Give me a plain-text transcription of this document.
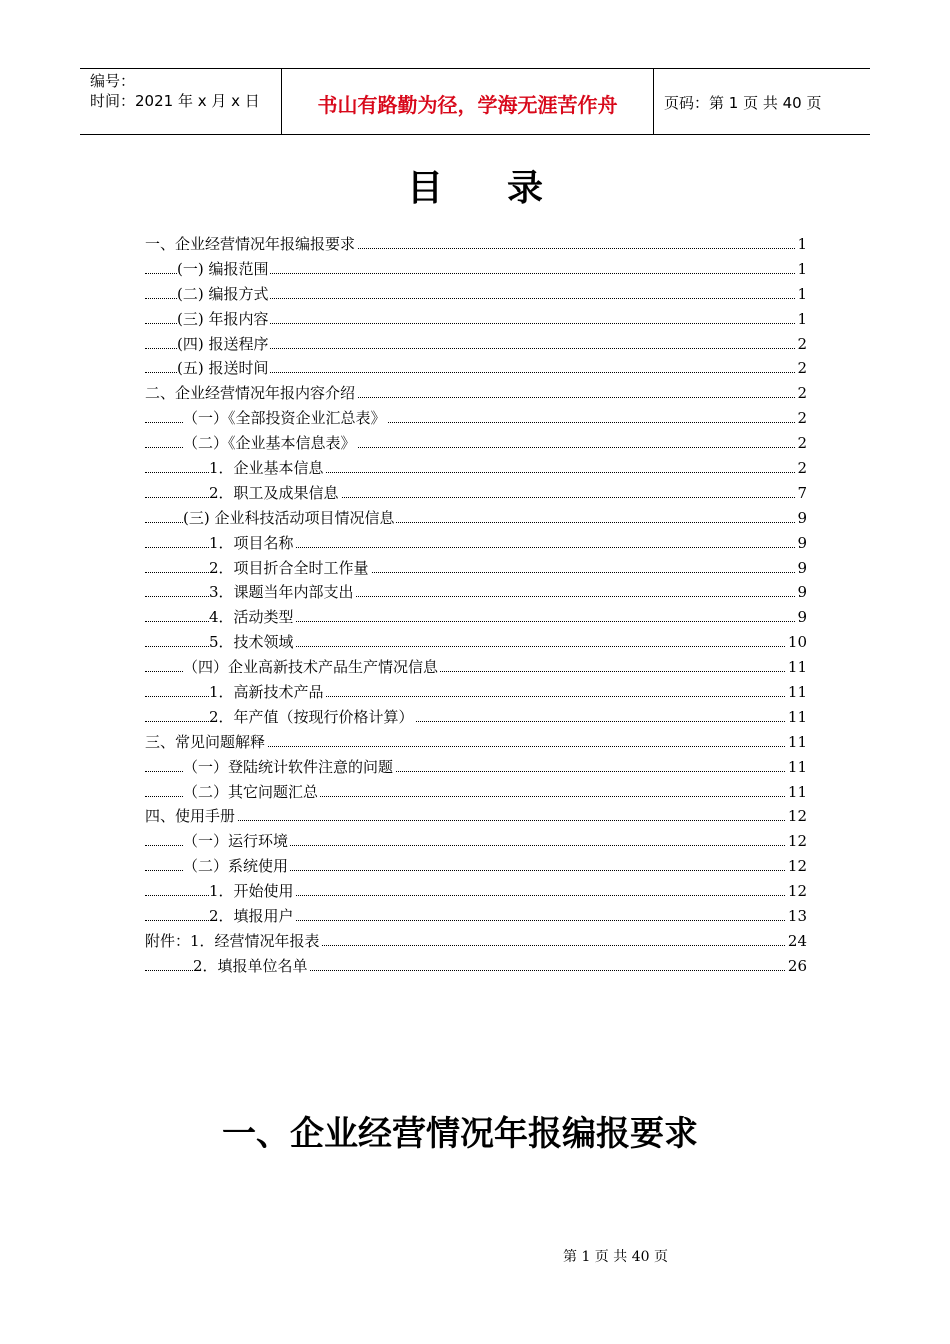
编号：
时间：2021 年 x 月 x 日	书山有路勤为径，学海无涯苦作舟	页码：第 1 页 共 40 页
目录
一、企业经营情况年报编报要求	1
(一) 编报范围	1
(二) 编报方式	1
(三) 年报内容	1
(四) 报送程序	2
(五) 报送时间	2
二、企业经营情况年报内容介绍	2
（一）《全部投资企业汇总表》	2
（二）《企业基本信息表》	2
1．企业基本信息	2
2．职工及成果信息	7
(三) 企业科技活动项目情况信息	9
1．项目名称	9
2．项目折合全时工作量	9
3．课题当年内部支出	9
4．活动类型	9
5．技术领域	10
（四）企业高新技术产品生产情况信息	11
1．高新技术产品	11
2．年产值（按现行价格计算）	11
三、常见问题解释	11
（一）登陆统计软件注意的问题	11
（二）其它问题汇总	11
四、使用手册	12
（一）运行环境	12
（二）系统使用	12
1．开始使用	12
2．填报用户	13
附件：1．经营情况年报表	24
2．填报单位名单	26
一、企业经营情况年报编报要求
第 1 页 共 40 页
